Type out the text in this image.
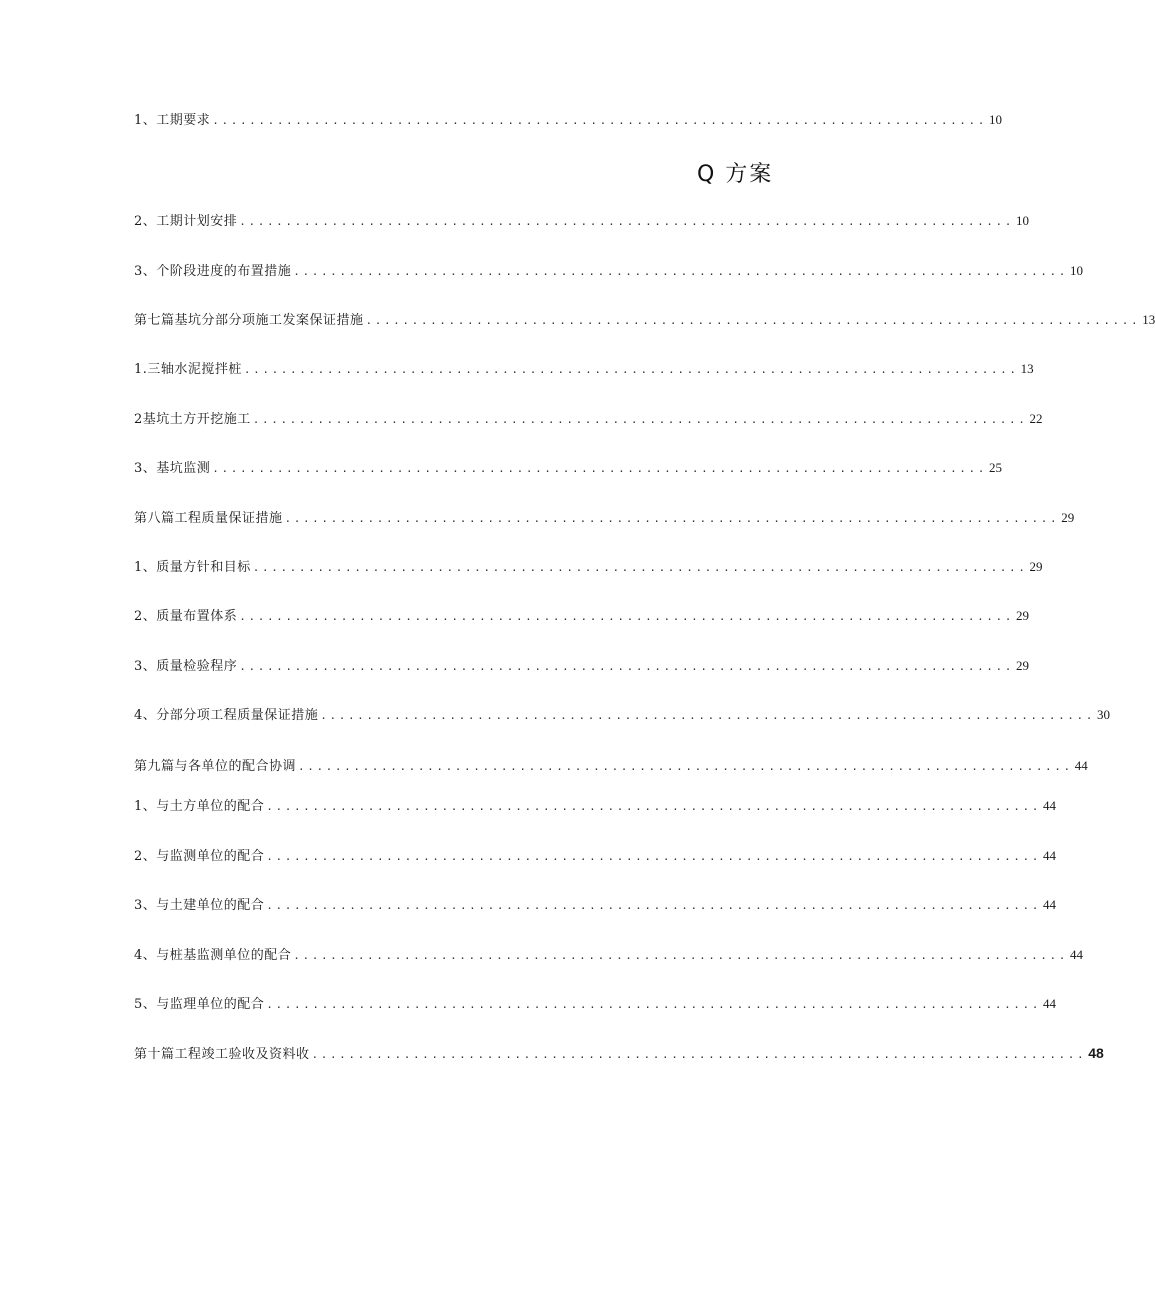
1、工期要求 .................................................................................... 10
Q 方案
2、工期计划安排 .................................................................................... 10
3、个阶段进度的布置措施 .................................................................................... 10
第七篇基坑分部分项施工发案保证措施 .................................................................................... 13
1.三轴水泥搅拌桩 .................................................................................... 13
2基坑土方开挖施工 .................................................................................... 22
3、基坑监测 .................................................................................... 25
第八篇工程质量保证措施 .................................................................................... 29
1、质量方针和目标 .................................................................................... 29
2、质量布置体系 .................................................................................... 29
3、质量检验程序 .................................................................................... 29
4、分部分项工程质量保证措施 .................................................................................... 30
第九篇与各单位的配合协调 .................................................................................... 44
1、与土方单位的配合 .................................................................................... 44
2、与监测单位的配合 .................................................................................... 44
3、与土建单位的配合 .................................................................................... 44
4、与桩基监测单位的配合 .................................................................................... 44
5、与监理单位的配合 .................................................................................... 44
第十篇工程竣工验收及资料收 .................................................................................... 48
